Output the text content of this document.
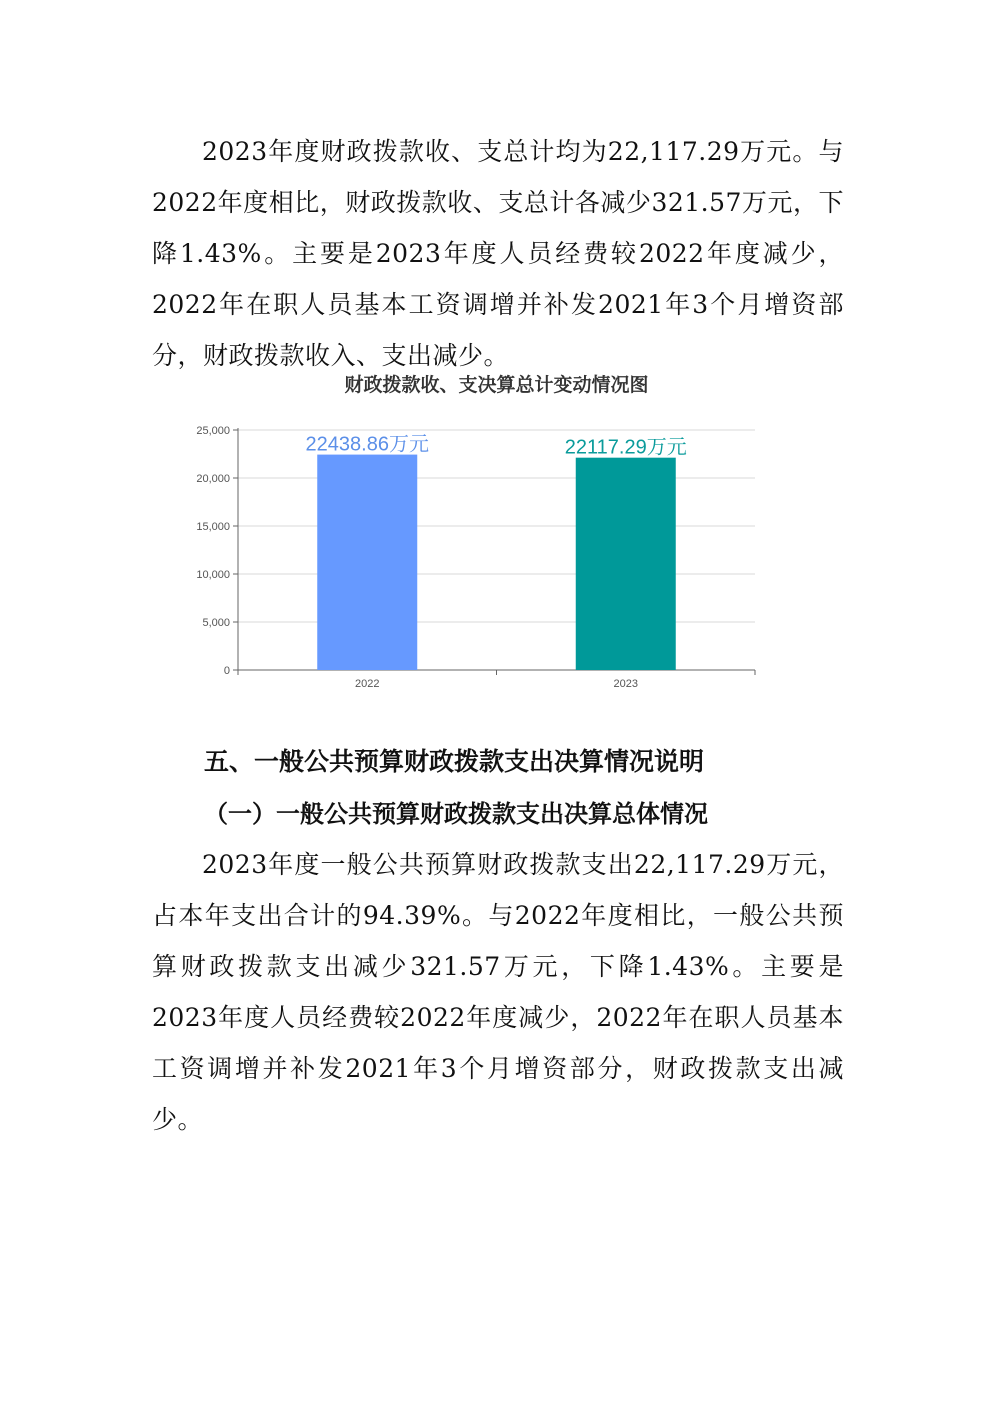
2023年度财政拨款收、支总计均为22,117.29万元。与2022年度相比，财政拨款收、支总计各减少321.57万元，下降1.43%。主要是2023年度人员经费较2022年度减少，2022年在职人员基本工资调增并补发2021年3个月增资部分，财政拨款收入、支出减少。

财政拨款收、支决算总计变动情况图
25,000
20,000
15,000
10,000
5,000
0
22438.86万元
2022
22117.29万元
2023
五、一般公共预算财政拨款支出决算情况说明
（一）一般公共预算财政拨款支出决算总体情况

2023年度一般公共预算财政拨款支出22,117.29万元，占本年支出合计的94.39%。与2022年度相比，一般公共预算财政拨款支出减少321.57万元，下降1.43%。主要是2023年度人员经费较2022年度减少，2022年在职人员基本工资调增并补发2021年3个月增资部分，财政拨款支出减少。
